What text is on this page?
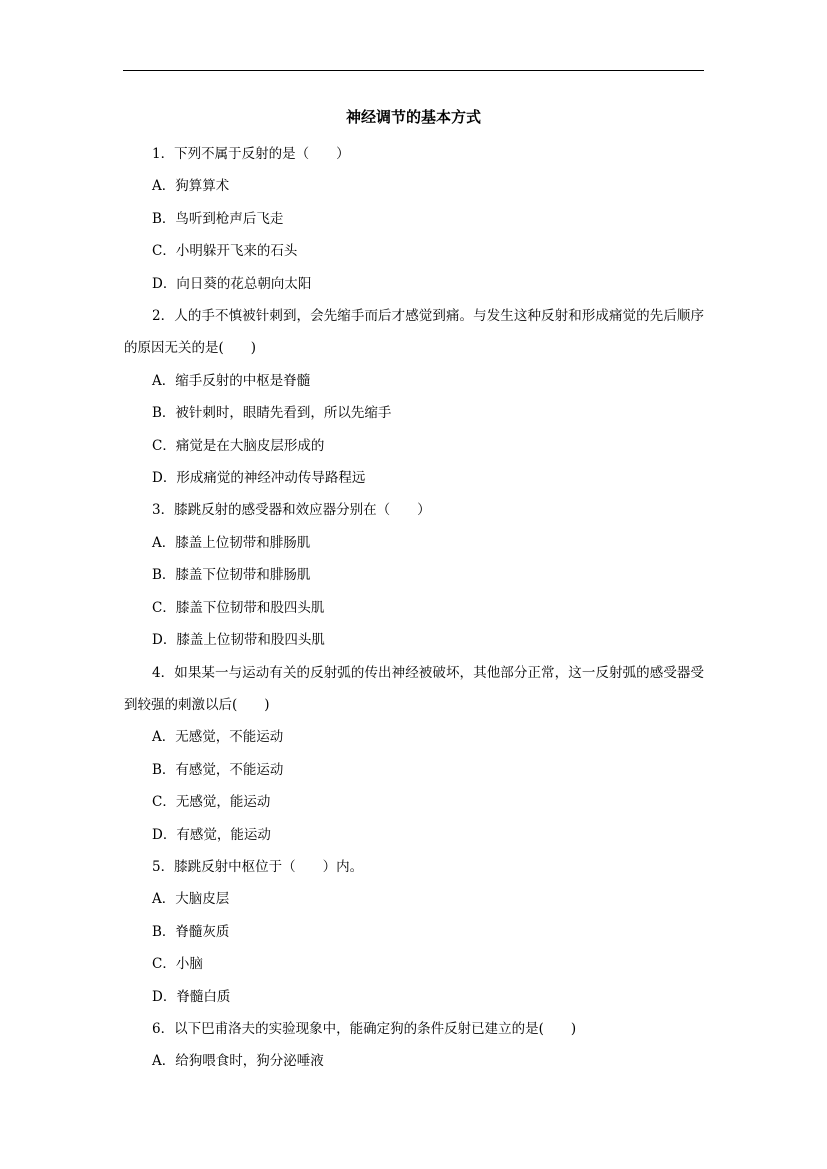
神经调节的基本方式

1．下列不属于反射的是（　　）

A．狗算算术

B．鸟听到枪声后飞走

C．小明躲开飞来的石头

D．向日葵的花总朝向太阳

2．人的手不慎被针刺到，会先缩手而后才感觉到痛。与发生这种反射和形成痛觉的先后顺序的原因无关的是(　　)

A．缩手反射的中枢是脊髓

B．被针刺时，眼睛先看到，所以先缩手

C．痛觉是在大脑皮层形成的

D．形成痛觉的神经冲动传导路程远

3．膝跳反射的感受器和效应器分别在（　　）

A．膝盖上位韧带和腓肠肌

B．膝盖下位韧带和腓肠肌

C．膝盖下位韧带和股四头肌

D．膝盖上位韧带和股四头肌

4．如果某一与运动有关的反射弧的传出神经被破坏，其他部分正常，这一反射弧的感受器受到较强的刺激以后(　　)

A．无感觉，不能运动

B．有感觉，不能运动

C．无感觉，能运动

D．有感觉，能运动

5．膝跳反射中枢位于（　　）内。

A．大脑皮层

B．脊髓灰质

C．小脑

D．脊髓白质

6．以下巴甫洛夫的实验现象中，能确定狗的条件反射已建立的是(　　)

A．给狗喂食时，狗分泌唾液
